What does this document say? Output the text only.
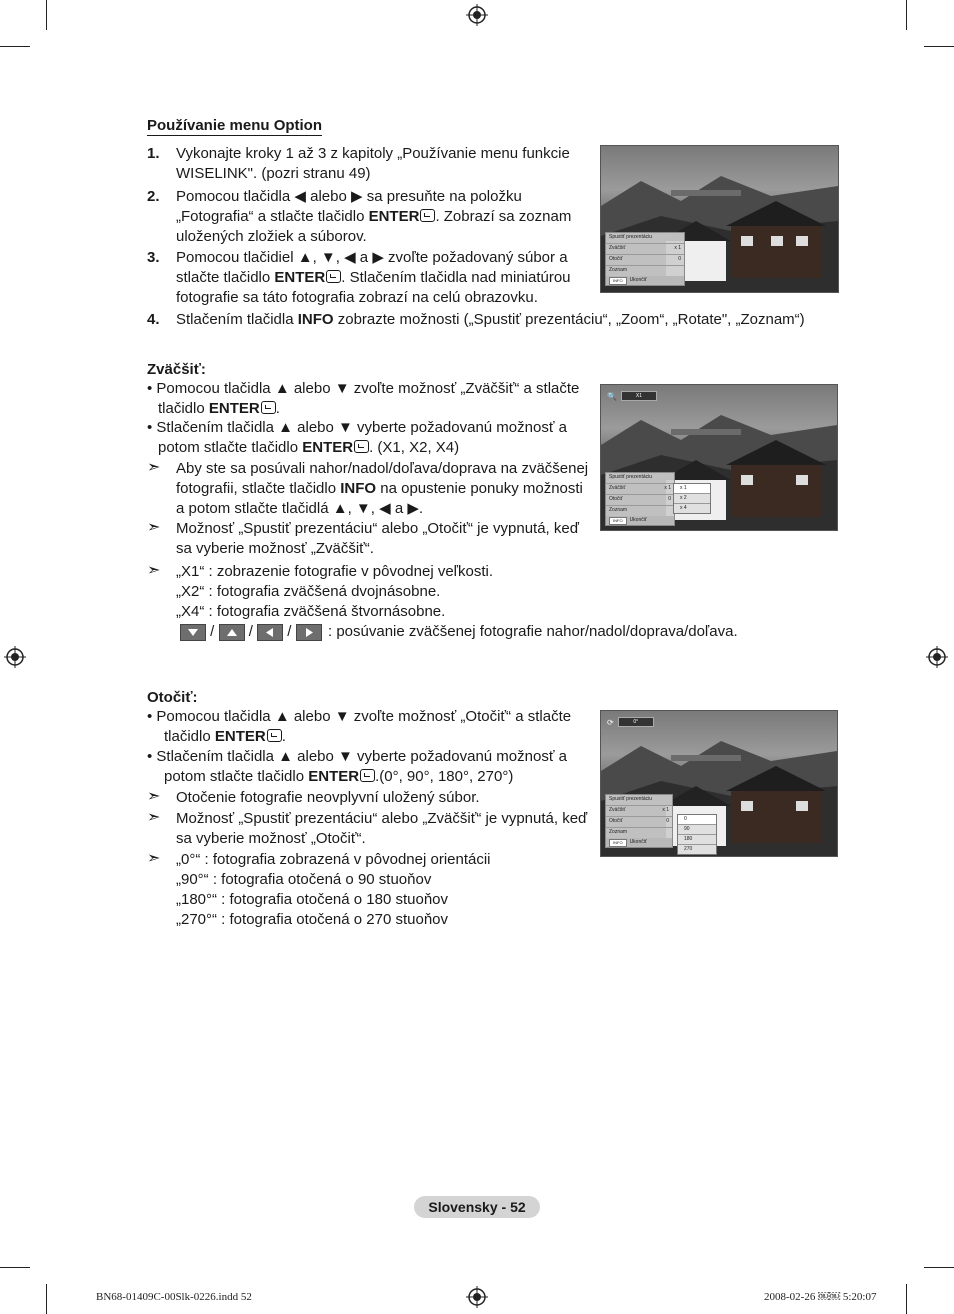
Používanie menu Option
1. Vykonajte kroky 1 až 3 z kapitoly „Používanie menu funkcie
WISELINK". (pozri stranu 49)
2. Pomocou tlačidla ◀ alebo ▶ sa presuňte na položku
„Fotografia“ a stlačte tlačidlo ENTER . Zobrazí sa zoznam
uložených zložiek a súborov.
3. Pomocou tlačidiel ▲, ▼, ◀ a ▶ zvoľte požadovaný súbor a
stlačte tlačidlo ENTER . Stlačením tlačidla nad miniatúrou
fotografie sa táto fotografia zobrazí na celú obrazovku.
4. Stlačením tlačidla INFO zobrazte možnosti („Spustiť prezentáciu“, „Zoom“, „Rotate", „Zoznam“)
Spustiť prezentáciu
Zväčšiť	x 1
Otočiť	0
Zoznam
INFO	Ukončiť
Zväčšiť:
• Pomocou tlačidla ▲ alebo ▼ zvoľte možnosť „Zväčšiť“ a stlačte
tlačidlo ENTER .
• Stlačením tlačidla ▲ alebo ▼ vyberte požadovanú možnosť a
potom stlačte tlačidlo ENTER . (X1, X2, X4)
➣ Aby ste sa posúvali nahor/nadol/doľava/doprava na zväčšenej
fotografii, stlačte tlačidlo INFO na opustenie ponuky možnosti
a potom stlačte tlačidlá ▲, ▼, ◀ a ▶.
➣ Možnosť „Spustiť prezentáciu“ alebo „Otočiť“ je vypnutá, keď
sa vyberie možnosť „Zväčšiť“.
➣ „X1“ : zobrazenie fotografie v pôvodnej veľkosti.
„X2“ : fotografia zväčšená dvojnásobne.
„X4“ : fotografia zväčšená štvornásobne.
/ / /	: posúvanie zväčšenej fotografie nahor/nadol/doprava/doľava.
🔍	X1
Spustiť prezentáciu
Zväčšiť	x 1
Otočiť	0
Zoznam
INFO	Ukončiť
x 1
x 2
x 4
Otočiť:
• Pomocou tlačidla ▲ alebo ▼ zvoľte možnosť „Otočiť“ a stlačte
tlačidlo ENTER .
• Stlačením tlačidla ▲ alebo ▼ vyberte požadovanú možnosť a
potom stlačte tlačidlo ENTER .(0°, 90°, 180°, 270°)
➣ Otočenie fotografie neovplyvní uložený súbor.
➣ Možnosť „Spustiť prezentáciu“ alebo „Zväčšiť“ je vypnutá, keď
sa vyberie možnosť „Otočiť“.
➣ „0°“ : fotografia zobrazená v pôvodnej orientácii
„90°“ : fotografia otočená o 90 stuoňov
„180°“ : fotografia otočená o 180 stuoňov
„270°“ : fotografia otočená o 270 stuoňov
⟳	0°
Spustiť prezentáciu
Zväčšiť	x 1
Otočiť	0
Zoznam
INFO	Ukončiť
0
90
180
270
Slovensky - 52
BN68-01409C-00Slk-0226.indd 52	2008-02-26 ￼￼ 5:20:07
